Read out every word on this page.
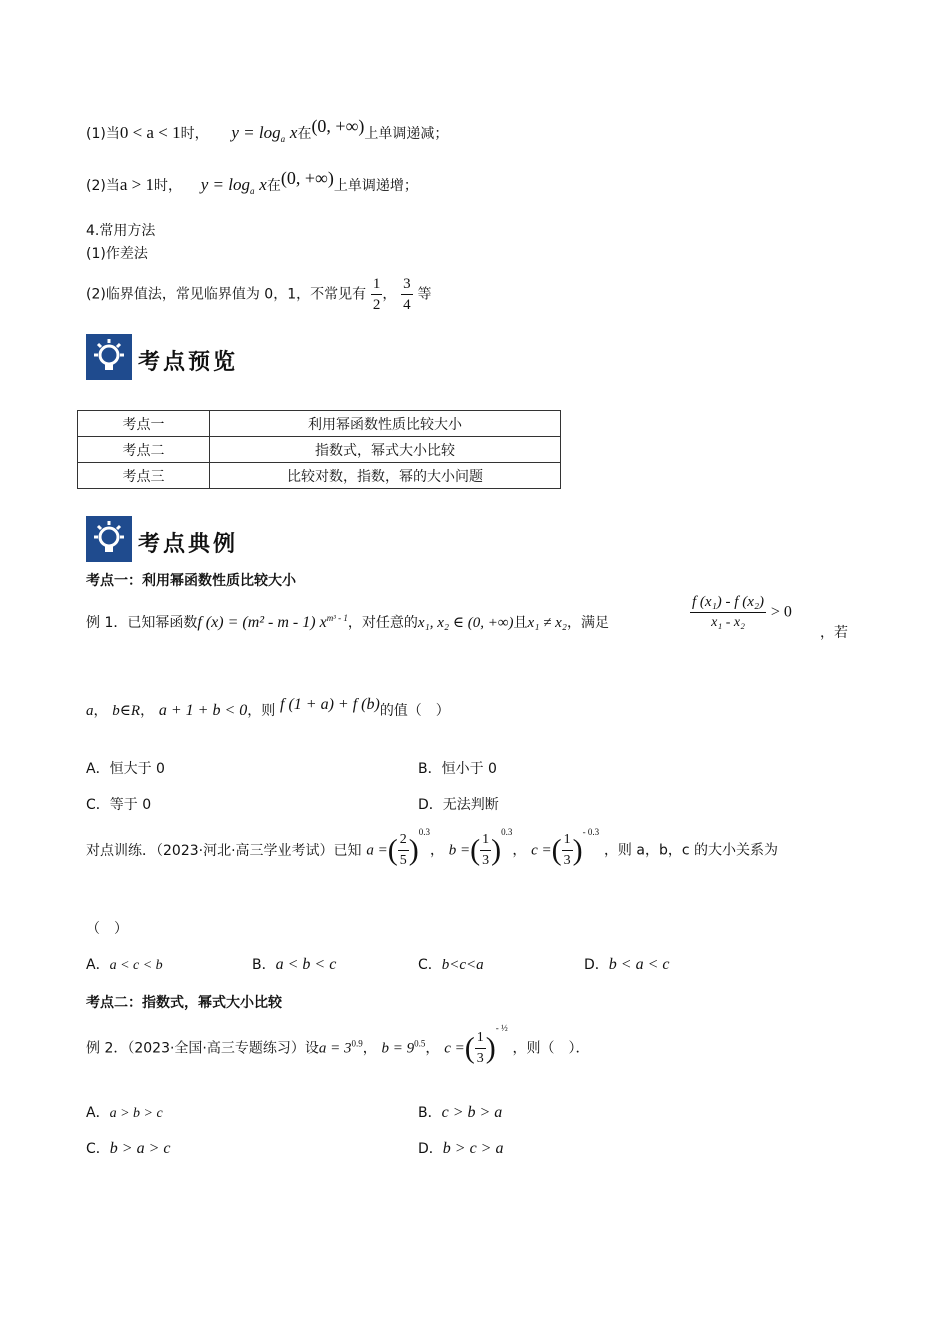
(1)当0 < a < 1时， $y = \log_a x$在(0, +∞)上单调递减；
(2)当a > 1时， $y = \log_a x$在(0, +∞)上单调递增；
4.常用方法
(1)作差法
(2)临界值法，常见临界值为 0，1，不常见有 $\frac{1}{2}$ ， $\frac{3}{4}$ 等
考点预览
考点一	利用幂函数性质比较大小
考点二	指数式，幂式大小比较
考点三	比较对数，指数，幂的大小问题
考点典例
考点一：利用幂函数性质比较大小
例 1．已知幂函数f (x) = (m² - m - 1) $x^{m^3 - 1}$，对任意的x₁, x₂ ∈ (0, +∞)且x₁ ≠ x₂，满足	$\frac{\text{f (x₁) - f (x₂)}}{\text{x₁ - x₂}} > 0$
，若
a， b∈R， a + 1 + b < 0，则 f (1 + a) + f (b)的值（　）
A．恒大于 0	B．恒小于 0
C．等于 0	D．无法判断
对点训练．（2023·河北·高三学业考试）已知 a =( $\frac{2}{5} )^{0.3}$， b =( $\frac{1}{3} )^{0.3}$， c =( $\frac{1}{3} )^{- 0.3}$ ，则 a，b，c 的大小关系为
（　）
A．a < c < b	B．a < b < c	C．b<c<a	D．b < a < c
考点二：指数式，幂式大小比较
例 2．（2023·全国·高三专题练习）设$a = 3^{0.9}$， $b = 9^{0.5}$， c =( $\frac{1}{3} )^{- \frac{1}{2}}$ ，则（　）．
A．a > b > c	B．c > b > a
C．b > a > c	D．b > c > a
